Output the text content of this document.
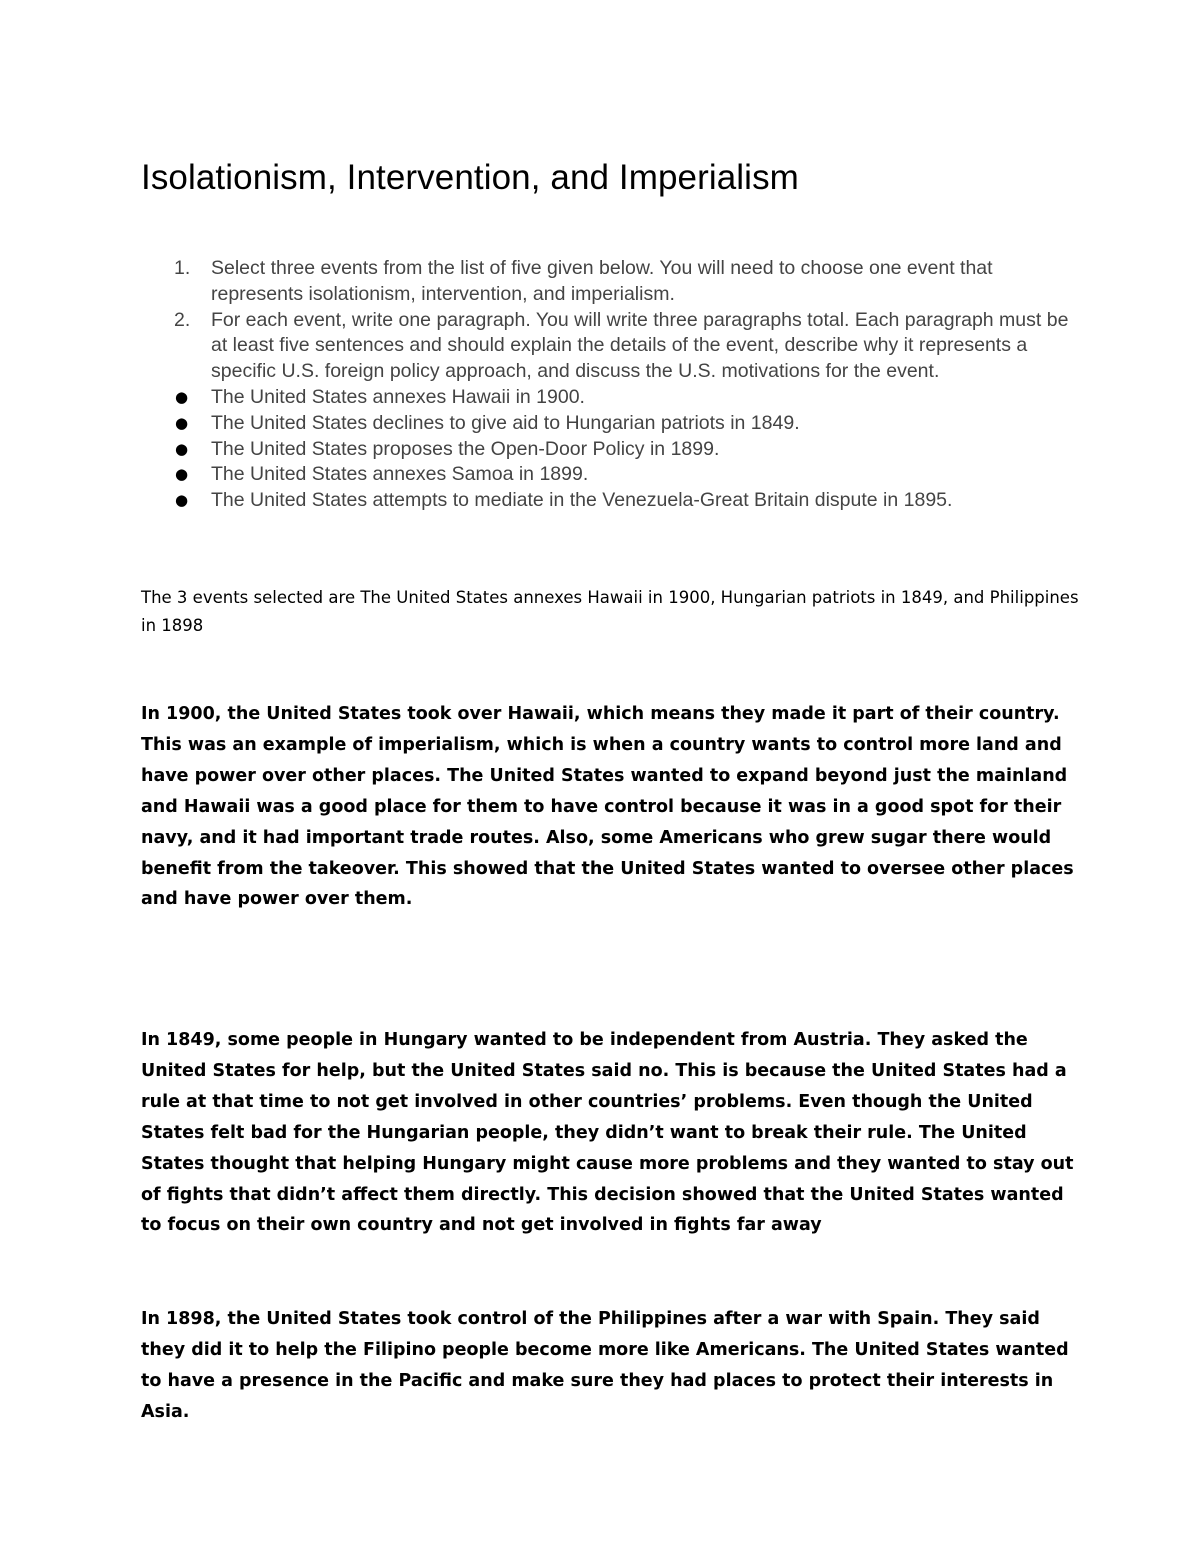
Isolationism, Intervention, and Imperialism
1. Select three events from the list of five given below. You will need to choose one event that represents isolationism, intervention, and imperialism.
2. For each event, write one paragraph. You will write three paragraphs total. Each paragraph must be at least five sentences and should explain the details of the event, describe why it represents a specific U.S. foreign policy approach, and discuss the U.S. motivations for the event.
● The United States annexes Hawaii in 1900.
● The United States declines to give aid to Hungarian patriots in 1849.
● The United States proposes the Open-Door Policy in 1899.
● The United States annexes Samoa in 1899.
● The United States attempts to mediate in the Venezuela-Great Britain dispute in 1895.

The 3 events selected are The United States annexes Hawaii in 1900, Hungarian patriots in 1849, and Philippines in 1898

In 1900, the United States took over Hawaii, which means they made it part of their country. This was an example of imperialism, which is when a country wants to control more land and have power over other places. The United States wanted to expand beyond just the mainland and Hawaii was a good place for them to have control because it was in a good spot for their navy, and it had important trade routes. Also, some Americans who grew sugar there would benefit from the takeover. This showed that the United States wanted to oversee other places and have power over them.

In 1849, some people in Hungary wanted to be independent from Austria. They asked the United States for help, but the United States said no. This is because the United States had a rule at that time to not get involved in other countries’ problems. Even though the United States felt bad for the Hungarian people, they didn’t want to break their rule. The United States thought that helping Hungary might cause more problems and they wanted to stay out of fights that didn’t affect them directly. This decision showed that the United States wanted to focus on their own country and not get involved in fights far away

In 1898, the United States took control of the Philippines after a war with Spain. They said they did it to help the Filipino people become more like Americans. The United States wanted to have a presence in the Pacific and make sure they had places to protect their interests in Asia.
